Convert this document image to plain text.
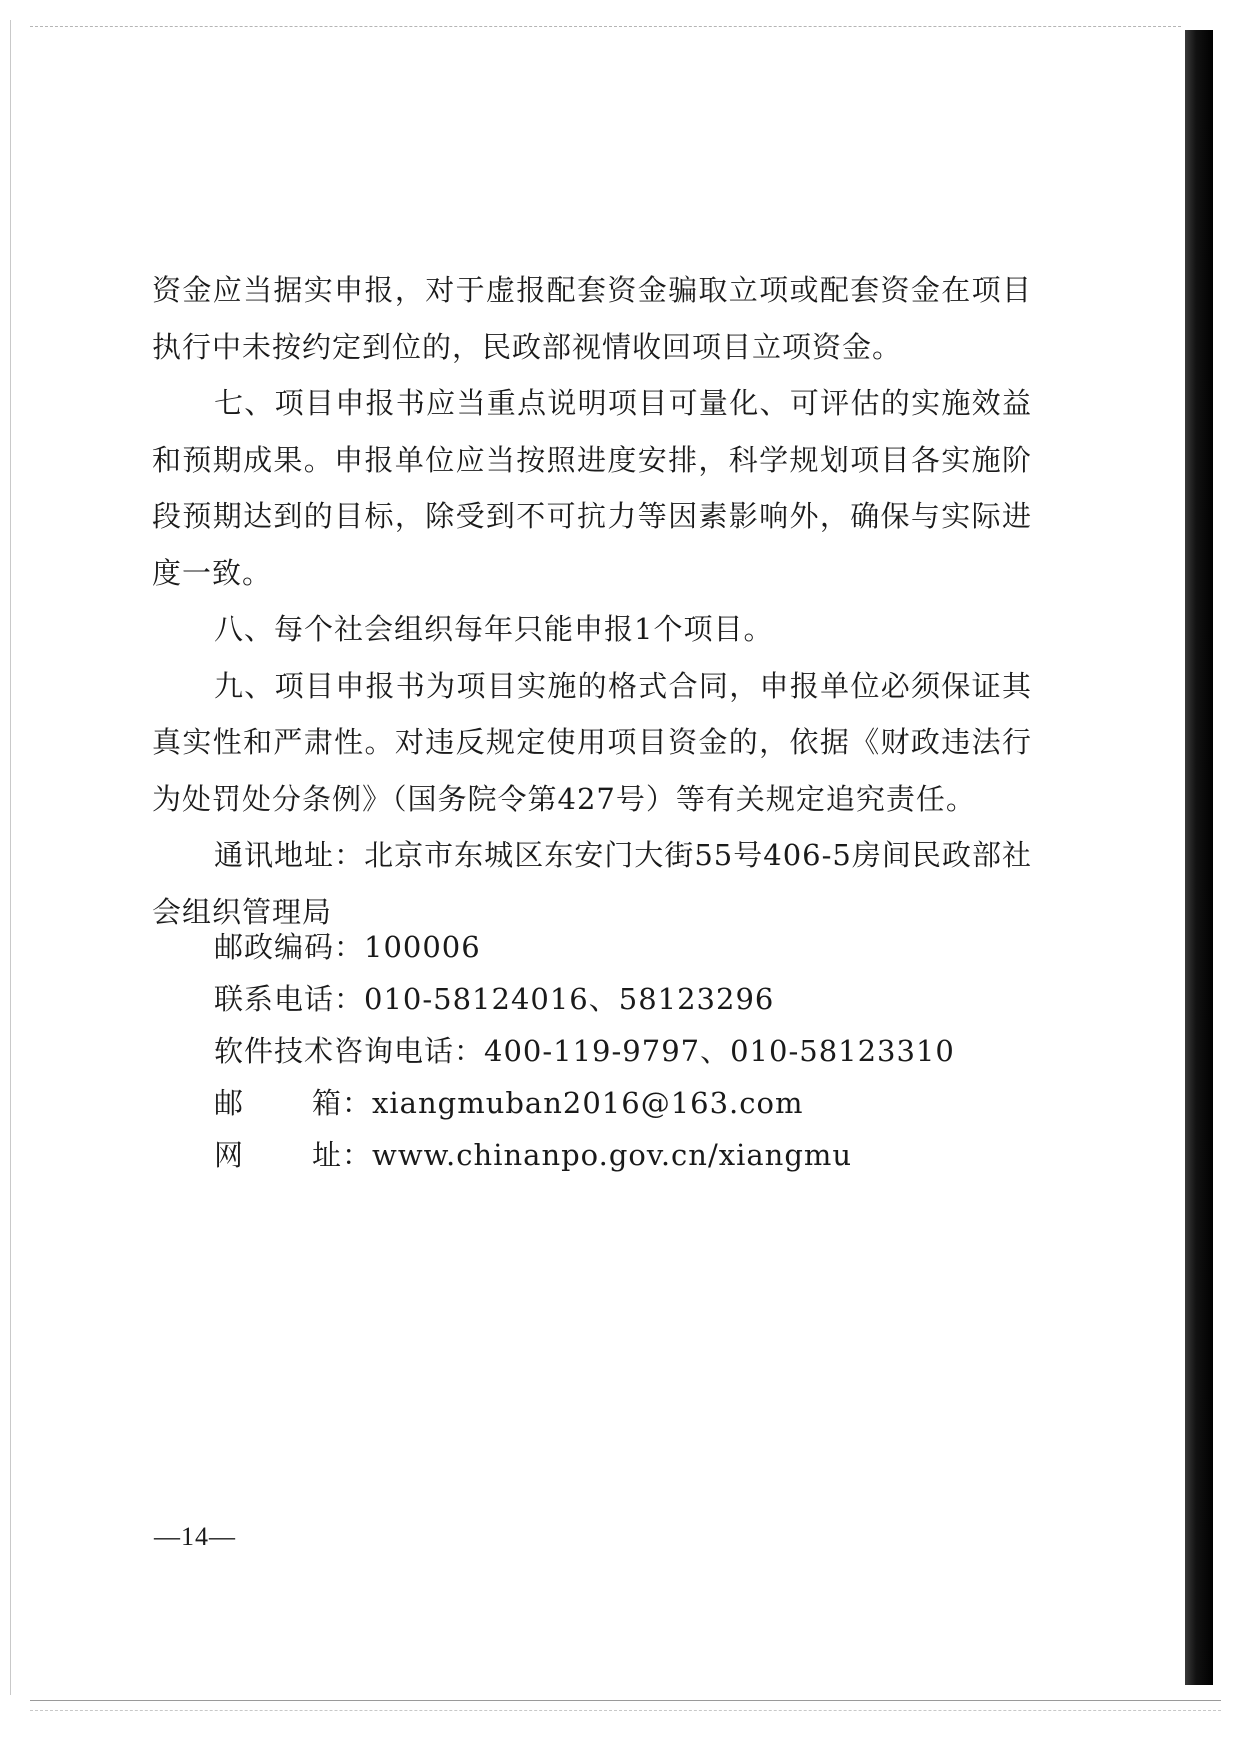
资金应当据实申报，对于虚报配套资金骗取立项或配套资金在项目执行中未按约定到位的，民政部视情收回项目立项资金。

七、项目申报书应当重点说明项目可量化、可评估的实施效益和预期成果。申报单位应当按照进度安排，科学规划项目各实施阶段预期达到的目标，除受到不可抗力等因素影响外，确保与实际进度一致。

八、每个社会组织每年只能申报1个项目。

九、项目申报书为项目实施的格式合同，申报单位必须保证其真实性和严肃性。对违反规定使用项目资金的，依据《财政违法行为处罚处分条例》（国务院令第427号）等有关规定追究责任。

通讯地址：北京市东城区东安门大街55号406-5房间民政部社会组织管理局

邮政编码：100006
联系电话：010-58124016、58123296
软件技术咨询电话：400-119-9797、010-58123310
邮 箱：xiangmuban2016@163.com
网 址：www.chinanpo.gov.cn/xiangmu
—14—
